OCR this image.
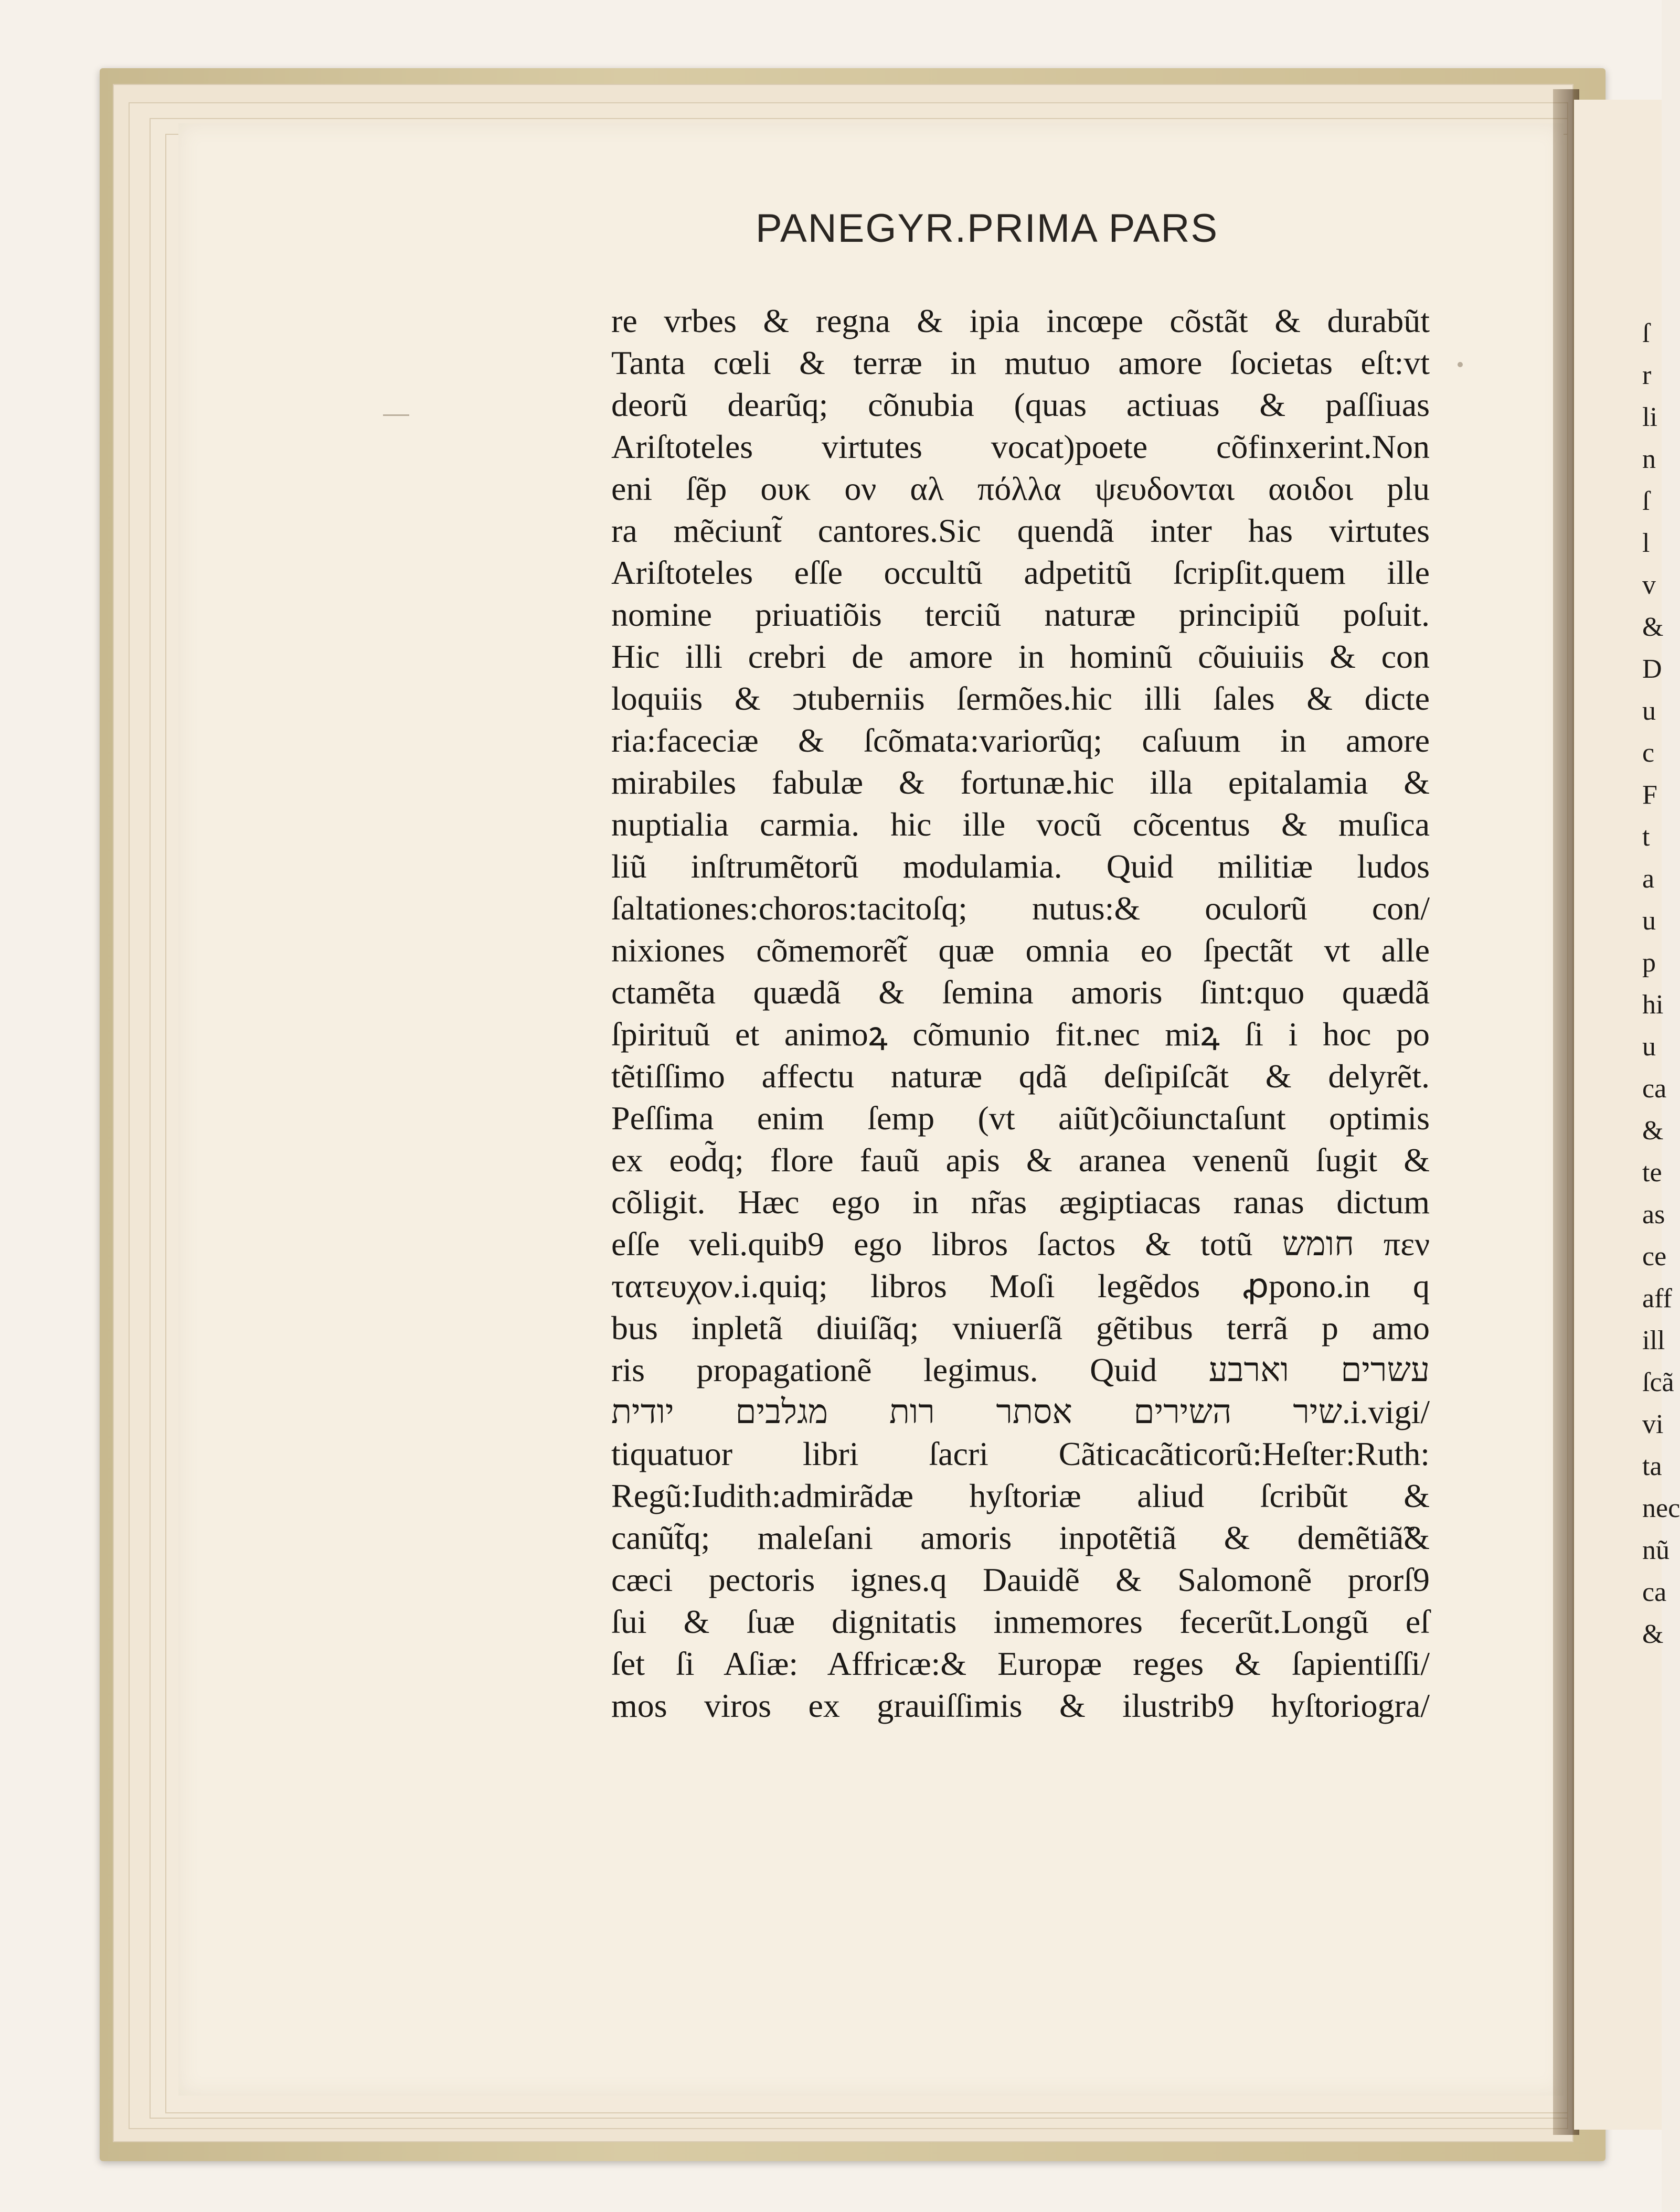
ſ
r
li
n
ſ
l
v
&
D
u
c
F
t
a
u
p
hi
u
ca
&
te
as
ce
aff
ill
ſcã
vi
ta
nec
nũ
ca
&
PANEGYR.PRIMA PARS
re vrbes & regna & ipia incœpe cõstãt & durabũt
Tanta cœli & terræ in mutuo amore ſocietas eſt:vt
deorũ dearũq; cõnubia (quas actiuas & paſſiuas
Ariſtoteles virtutes vocat)poete cõfinxerint.Non
eni ſẽp ουκ ον αλ πόλλα ψευδονται αοιδοι plu
ra mẽciunt̃ cantores.Sic quendã inter has virtutes
Ariſtoteles eſſe occultũ adpetitũ ſcripſit.quem ille
nomine priuatiõis terciũ naturæ principiũ poſuit.
Hic illi crebri de amore in hominũ cõuiuiis & con
loquiis & ↄtuberniis ſermões.hic illi ſales & dicte
ria:faceciæ & ſcõmata:variorũq; caſuum in amore
mirabiles fabulæ & fortunæ.hic illa epitalamia &
nuptialia carmia. hic ille vocũ cõcentus & muſica
liũ inſtrumẽtorũ modulamia. Quid militiæ ludos
ſaltationes:choros:tacitoſq; nutus:& oculorũ con/
nixiones cõmemorẽt̃ quæ omnia eo ſpectãt vt alle
ctamẽta quædã & ſemina amoris ſint:quo quædã
ſpirituũ et animoꝝ cõmunio fit.nec miꝝ ſi i hoc po
tẽtiſſimo affectu naturæ qdã deſipiſcãt & delyrẽt.
Peſſima enim ſemp (vt aiũt)cõiunctaſunt optimis
ex eod̃q; flore fauũ apis & aranea venenũ ſugit &
cõligit. Hæc ego in nr̃as ægiptiacas ranas dictum
eſſe veli.quib9 ego libros ſactos & totũ חומש πεν
τατευχον.i.quiq; libros Moſi legẽdos ꝓpono.in q
bus inpletã diuiſãq; vniuerſã gẽtibus terrã p amo
ris propagationẽ legimus. Quid עשרים וארבע
שיר השירים אסתר רות מגלבים יודית.i.vigi/
tiquatuor libri ſacri Cãticacãticorũ:Heſter:Ruth:
Regũ:Iudith:admirãdæ hyſtoriæ aliud ſcribũt &
canũt̃q; maleſani amoris inpotẽtiã & demẽtiã̃&
cæci pectoris ignes.q Dauidẽ & Salomonẽ prorſ9
ſui & ſuæ dignitatis inmemores fecerũt.Longũ eſ
ſet ſi Aſiæ: Affricæ:& Europæ reges & ſapientiſſi/
mos viros ex grauiſſimis & ilustrib9 hyſtoriogra/
